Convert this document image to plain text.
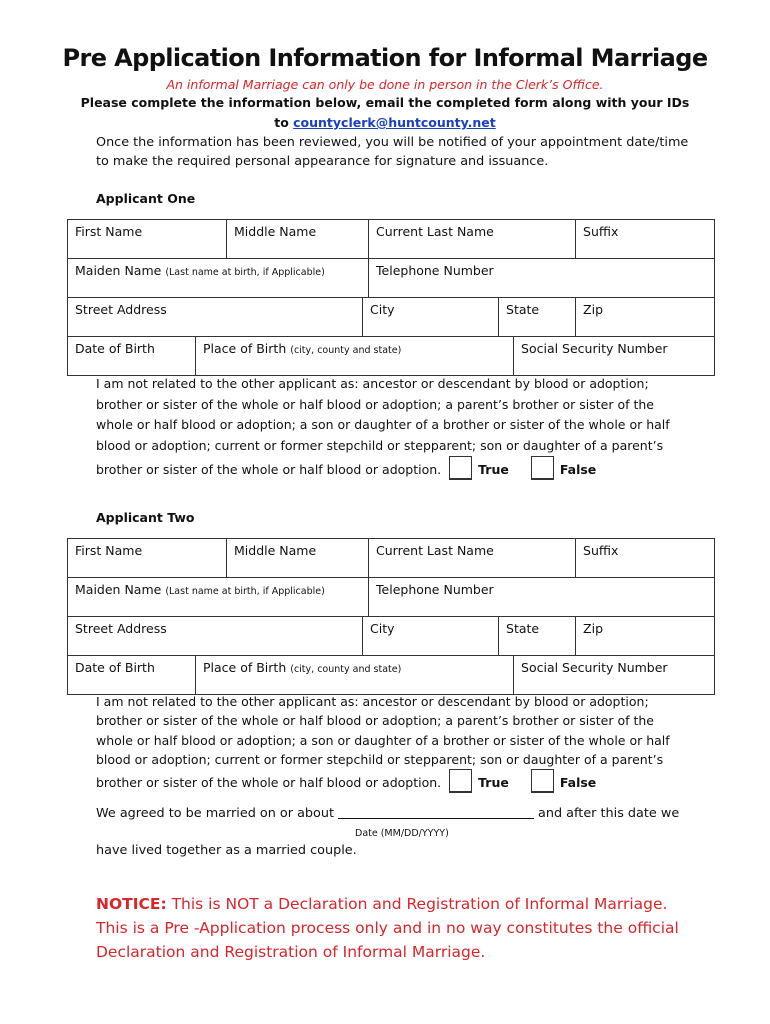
Pre Application Information for Informal Marriage
An informal Marriage can only be done in person in the Clerk’s Office.
Please complete the information below, email the completed form along with your IDs
to countyclerk@huntcounty.net
Once the information has been reviewed, you will be notified of your appointment date/time
to make the required personal appearance for signature and issuance.
Applicant One
First Name		Middle Name		Current Last Name			Suffix
Maiden Name (Last name at birth, if Applicable)				Telephone Number			
Street Address			City		State		Zip
Date of Birth	Place of Birth (city, county and state)					Social Security Number	
I am not related to the other applicant as: ancestor or descendant by blood or adoption;
brother or sister of the whole or half blood or adoption; a parent’s brother or sister of the
whole or half blood or adoption; a son or daughter of a brother or sister of the whole or half
blood or adoption; current or former stepchild or stepparent; son or daughter of a parent’s
brother or sister of the whole or half blood or adoption.	True	False
Applicant Two
First Name		Middle Name		Current Last Name			Suffix
Maiden Name (Last name at birth, if Applicable)				Telephone Number			
Street Address			City		State		Zip
Date of Birth	Place of Birth (city, county and state)					Social Security Number	
I am not related to the other applicant as: ancestor or descendant by blood or adoption;
brother or sister of the whole or half blood or adoption; a parent’s brother or sister of the
whole or half blood or adoption; a son or daughter of a brother or sister of the whole or half
blood or adoption; current or former stepchild or stepparent; son or daughter of a parent’s
brother or sister of the whole or half blood or adoption.	True	False
We agreed to be married on or about	and after this date we
Date (MM/DD/YYYY)
have lived together as a married couple.
NOTICE: This is NOT a Declaration and Registration of Informal Marriage. This is a Pre -Application process only and in no way constitutes the official Declaration and Registration of Informal Marriage.
